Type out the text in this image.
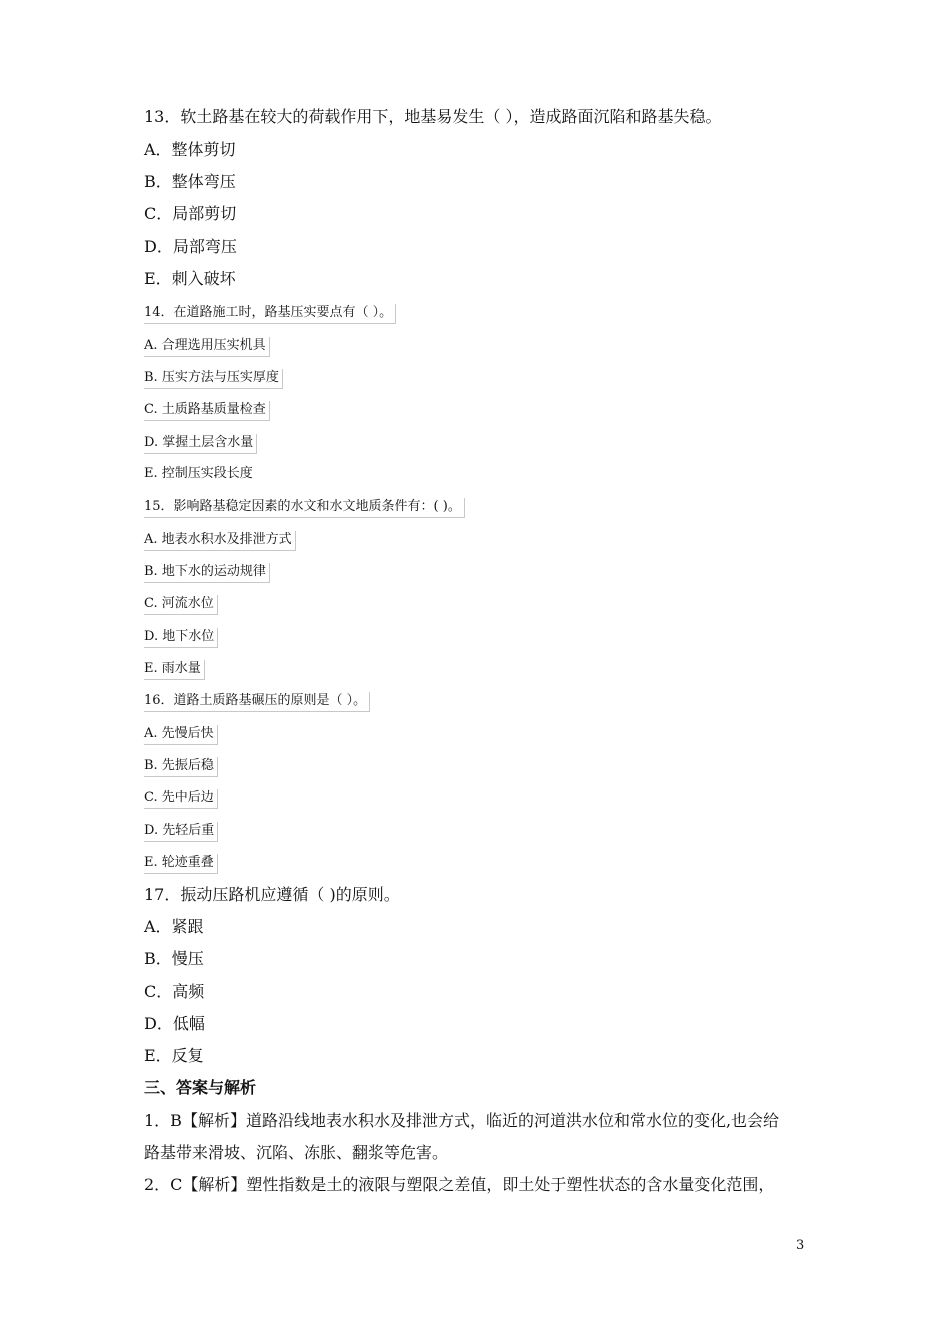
13．软土路基在较大的荷载作用下，地基易发生（ ），造成路面沉陷和路基失稳。
A．整体剪切
B．整体弯压
C．局部剪切
D．局部弯压
E．刺入破坏
14．在道路施工时，路基压实要点有（ ）。
A. 合理选用压实机具
B. 压实方法与压实厚度
C. 土质路基质量检查
D. 掌握土层含水量
E. 控制压实段长度
15．影响路基稳定因素的水文和水文地质条件有：( )。
A. 地表水积水及排泄方式
B. 地下水的运动规律
C. 河流水位
D. 地下水位
E. 雨水量
16．道路土质路基碾压的原则是（ ）。
A. 先慢后快
B. 先振后稳
C. 先中后边
D. 先轻后重
E. 轮迹重叠
17．振动压路机应遵循（ )的原则。
A．紧跟
B．慢压
C．高频
D．低幅
E．反复
三、答案与解析
1．B【解析】道路沿线地表水积水及排泄方式，临近的河道洪水位和常水位的变化,也会给
路基带来滑坡、沉陷、冻胀、翻浆等危害。
2．C【解析】塑性指数是土的液限与塑限之差值，即土处于塑性状态的含水量变化范围，
3
